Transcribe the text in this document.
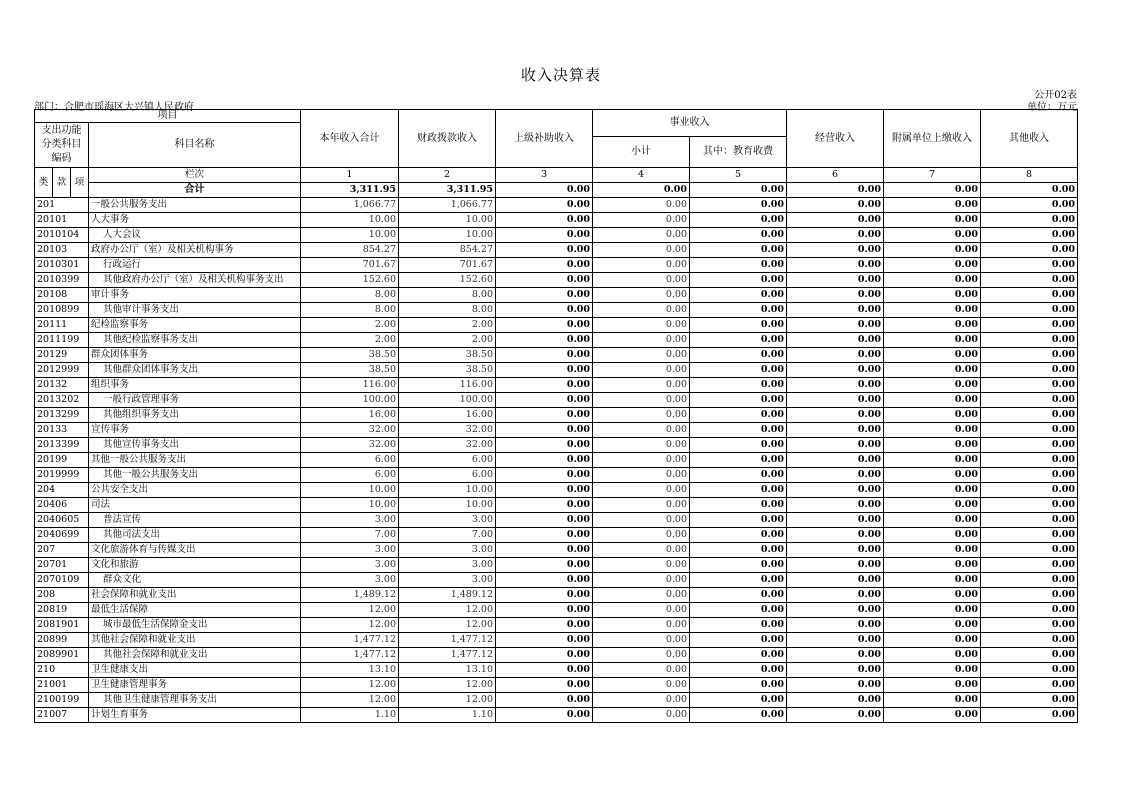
收入决算表
公开02表
部门：合肥市瑶海区大兴镇人民政府	单位：万元
项目				本年收入合计	财政拨款收入	上级补助收入	事业收入		经营收入	附属单位上缴收入	其他收入
支出功能分类科目编码			科目名称								
							小计	其中：教育收费			
类	款	项	栏次	1	2	3	4	5	6	7	8
			合计	3,311.95	3,311.95	0.00	0.00	0.00	0.00	0.00	0.00
201			一般公共服务支出	1,066.77	1,066.77	0.00	0.00	0.00	0.00	0.00	0.00
20101			人大事务	10.00	10.00	0.00	0.00	0.00	0.00	0.00	0.00
2010104			人大会议	10.00	10.00	0.00	0.00	0.00	0.00	0.00	0.00
20103			政府办公厅（室）及相关机构事务	854.27	854.27	0.00	0.00	0.00	0.00	0.00	0.00
2010301			行政运行	701.67	701.67	0.00	0.00	0.00	0.00	0.00	0.00
2010399			其他政府办公厅（室）及相关机构事务支出	152.60	152.60	0.00	0.00	0.00	0.00	0.00	0.00
20108			审计事务	8.00	8.00	0.00	0.00	0.00	0.00	0.00	0.00
2010899			其他审计事务支出	8.00	8.00	0.00	0.00	0.00	0.00	0.00	0.00
20111			纪检监察事务	2.00	2.00	0.00	0.00	0.00	0.00	0.00	0.00
2011199			其他纪检监察事务支出	2.00	2.00	0.00	0.00	0.00	0.00	0.00	0.00
20129			群众团体事务	38.50	38.50	0.00	0.00	0.00	0.00	0.00	0.00
2012999			其他群众团体事务支出	38.50	38.50	0.00	0.00	0.00	0.00	0.00	0.00
20132			组织事务	116.00	116.00	0.00	0.00	0.00	0.00	0.00	0.00
2013202			一般行政管理事务	100.00	100.00	0.00	0.00	0.00	0.00	0.00	0.00
2013299			其他组织事务支出	16.00	16.00	0.00	0.00	0.00	0.00	0.00	0.00
20133			宣传事务	32.00	32.00	0.00	0.00	0.00	0.00	0.00	0.00
2013399			其他宣传事务支出	32.00	32.00	0.00	0.00	0.00	0.00	0.00	0.00
20199			其他一般公共服务支出	6.00	6.00	0.00	0.00	0.00	0.00	0.00	0.00
2019999			其他一般公共服务支出	6.00	6.00	0.00	0.00	0.00	0.00	0.00	0.00
204			公共安全支出	10.00	10.00	0.00	0.00	0.00	0.00	0.00	0.00
20406			司法	10.00	10.00	0.00	0.00	0.00	0.00	0.00	0.00
2040605			普法宣传	3.00	3.00	0.00	0.00	0.00	0.00	0.00	0.00
2040699			其他司法支出	7.00	7.00	0.00	0.00	0.00	0.00	0.00	0.00
207			文化旅游体育与传媒支出	3.00	3.00	0.00	0.00	0.00	0.00	0.00	0.00
20701			文化和旅游	3.00	3.00	0.00	0.00	0.00	0.00	0.00	0.00
2070109			群众文化	3.00	3.00	0.00	0.00	0.00	0.00	0.00	0.00
208			社会保障和就业支出	1,489.12	1,489.12	0.00	0.00	0.00	0.00	0.00	0.00
20819			最低生活保障	12.00	12.00	0.00	0.00	0.00	0.00	0.00	0.00
2081901			城市最低生活保障金支出	12.00	12.00	0.00	0.00	0.00	0.00	0.00	0.00
20899			其他社会保障和就业支出	1,477.12	1,477.12	0.00	0.00	0.00	0.00	0.00	0.00
2089901			其他社会保障和就业支出	1,477.12	1,477.12	0.00	0.00	0.00	0.00	0.00	0.00
210			卫生健康支出	13.10	13.10	0.00	0.00	0.00	0.00	0.00	0.00
21001			卫生健康管理事务	12.00	12.00	0.00	0.00	0.00	0.00	0.00	0.00
2100199			其他卫生健康管理事务支出	12.00	12.00	0.00	0.00	0.00	0.00	0.00	0.00
21007			计划生育事务	1.10	1.10	0.00	0.00	0.00	0.00	0.00	0.00
